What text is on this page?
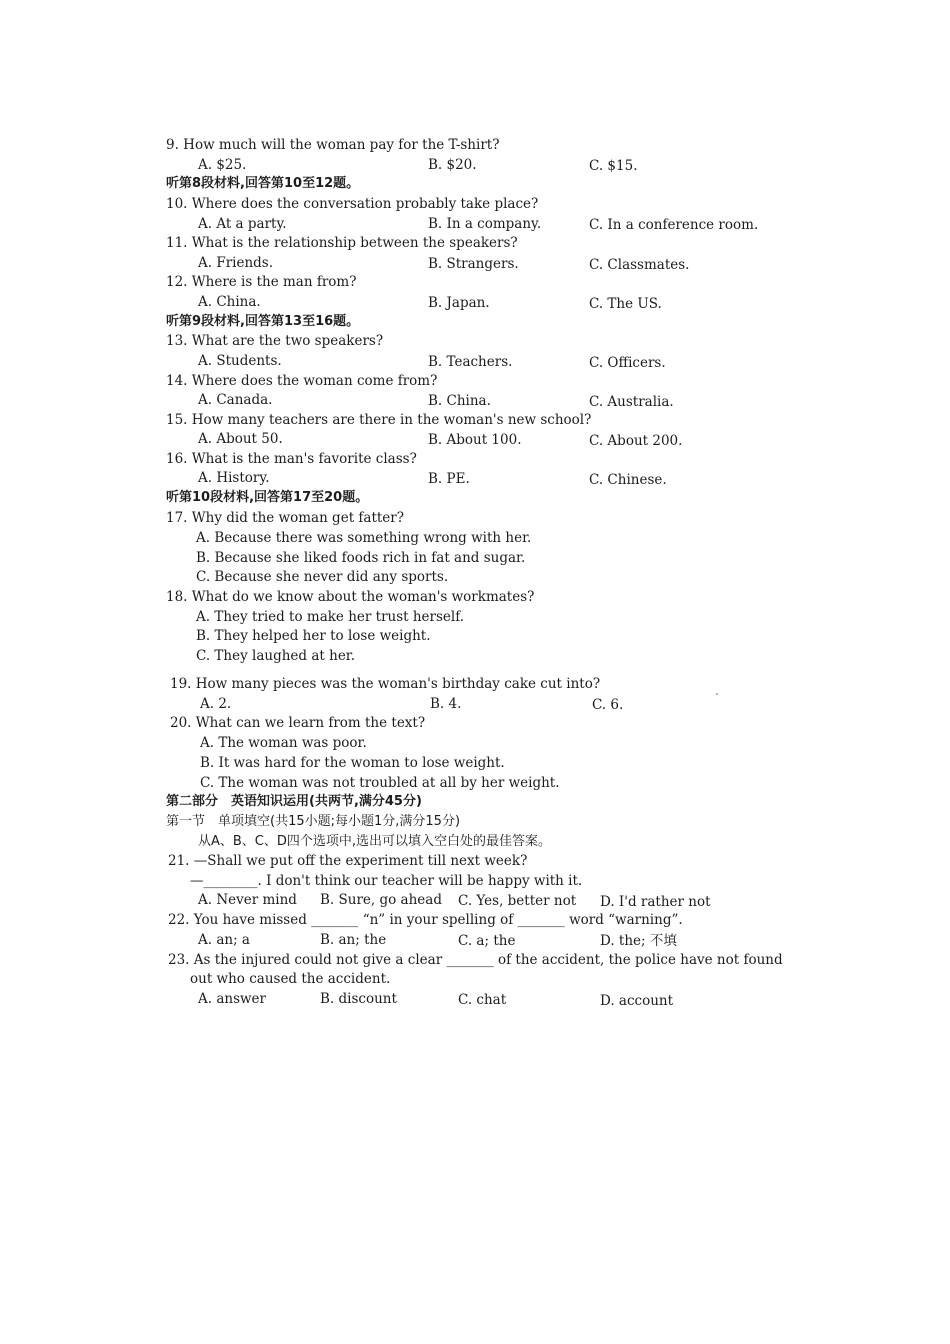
9. How much will the woman pay for the T-shirt?
A. $25.	B. $20.	C. $15.
听第8段材料,回答第10至12题。
10. Where does the conversation probably take place?
A. At a party.	B. In a company.	C. In a conference room.
11. What is the relationship between the speakers?
A. Friends.	B. Strangers.	C. Classmates.
12. Where is the man from?
A. China.	B. Japan.	C. The US.
听第9段材料,回答第13至16题。
13. What are the two speakers?
A. Students.	B. Teachers.	C. Officers.
14. Where does the woman come from?
A. Canada.	B. China.	C. Australia.
15. How many teachers are there in the woman's new school?
A. About 50.	B. About 100.	C. About 200.
16. What is the man's favorite class?
A. History.	B. PE.	C. Chinese.
听第10段材料,回答第17至20题。
17. Why did the woman get fatter?
A. Because there was something wrong with her.
B. Because she liked foods rich in fat and sugar.
C. Because she never did any sports.
18. What do we know about the woman's workmates?
A. They tried to make her trust herself.
B. They helped her to lose weight.
C. They laughed at her.
19. How many pieces was the woman's birthday cake cut into?
A. 2.	B. 4.	C. 6.
20. What can we learn from the text?
A. The woman was poor.
B. It was hard for the woman to lose weight.
C. The woman was not troubled at all by her weight.
第二部分　英语知识运用(共两节,满分45分)
第一节　单项填空(共15小题;每小题1分,满分15分)
从A、B、C、D四个选项中,选出可以填入空白处的最佳答案。
21. —Shall we put off the experiment till next week?
—________. I don't think our teacher will be happy with it.
A. Never mind B. Sure, go ahead C. Yes, better not D. I'd rather not
22. You have missed _______ “n” in your spelling of _______ word “warning”.
A. an; a	B. an; the	C. a; the	D. the; 不填
23. As the injured could not give a clear _______ of the accident, the police have not found
out who caused the accident.
A. answer	B. discount	C. chat	D. account
